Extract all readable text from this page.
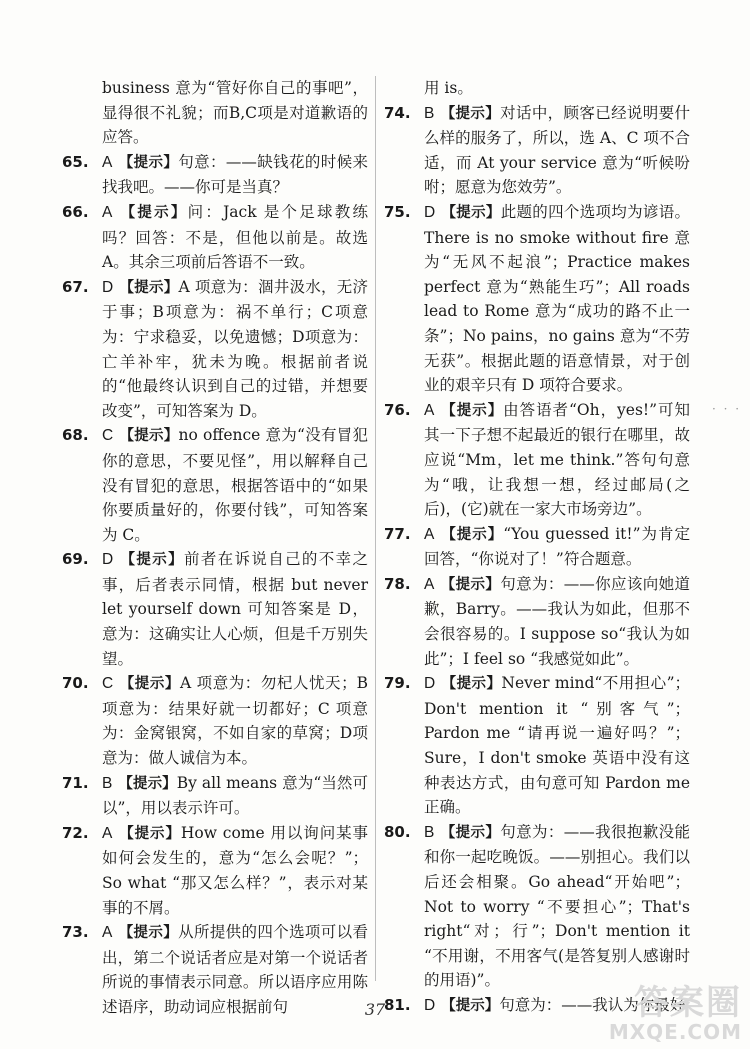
business 意为“管好你自己的事吧”，显得很不礼貌；而B,C项是对道歉语的应答。
65. A 【提示】句意：——缺钱花的时候来找我吧。——你可是当真？
66. A 【提示】问：Jack 是个足球教练吗？回答：不是，但他以前是。故选 A。其余三项前后答语不一致。
67. D 【提示】A 项意为：涸井汲水，无济于事；B项意为：祸不单行；C项意为：宁求稳妥，以免遗憾；D项意为：亡羊补牢，犹未为晚。根据前者说的“他最终认识到自己的过错，并想要改变”，可知答案为 D。
68. C 【提示】no offence 意为“没有冒犯你的意思，不要见怪”，用以解释自己没有冒犯的意思，根据答语中的“如果你要质量好的，你要付钱”，可知答案为 C。
69. D 【提示】前者在诉说自己的不幸之事，后者表示同情，根据 but never let yourself down 可知答案是 D，意为：这确实让人心烦，但是千万别失望。
70. C 【提示】A 项意为：勿杞人忧天；B项意为：结果好就一切都好；C 项意为：金窝银窝，不如自家的草窝；D项意为：做人诚信为本。
71. B 【提示】By all means 意为“当然可以”，用以表示许可。
72. A 【提示】How come 用以询问某事如何会发生的，意为“怎么会呢？”；So what “那又怎么样？”，表示对某事的不屑。
73. A 【提示】从所提供的四个选项可以看出，第二个说话者应是对第一个说话者所说的事情表示同意。所以语序应用陈述语序，助动词应根据前句
用 is。
74. B 【提示】对话中，顾客已经说明要什么样的服务了，所以，选 A、C 项不合适，而 At your service 意为“听候吩咐；愿意为您效劳”。
75. D 【提示】此题的四个选项均为谚语。There is no smoke without fire 意为“无风不起浪”；Practice makes perfect 意为“熟能生巧”；All roads lead to Rome 意为“成功的路不止一条”；No pains，no gains 意为“不劳无获”。根据此题的语意情景，对于创业的艰辛只有 D 项符合要求。
76. A 【提示】由答语者“Oh，yes!”可知其一下子想不起最近的银行在哪里，故应说“Mm，let me think.”答句句意为“哦，让我想一想，经过邮局(之后)，(它)就在一家大市场旁边”。
77. A 【提示】“You guessed it!”为肯定回答，“你说对了！”符合题意。
78. A 【提示】句意为：——你应该向她道歉，Barry。——我认为如此，但那不会很容易的。I suppose so“我认为如此”；I feel so “我感觉如此”。
79. D 【提示】Never mind“不用担心”；Don't mention it “别客气”；Pardon me “请再说一遍好吗？”；Sure，I don't smoke 英语中没有这种表达方式，由句意可知 Pardon me 正确。
80. B 【提示】句意为：——我很抱歉没能和你一起吃晚饭。——别担心。我们以后还会相聚。Go ahead“开始吧”；Not to worry “不要担心”；That's right“对；行”；Don't mention it “不用谢，不用客气(是答复别人感谢时的用语)”。
81. D 【提示】句意为：——我认为你最好
· · ·
37	答案圈
MXQE.COM
